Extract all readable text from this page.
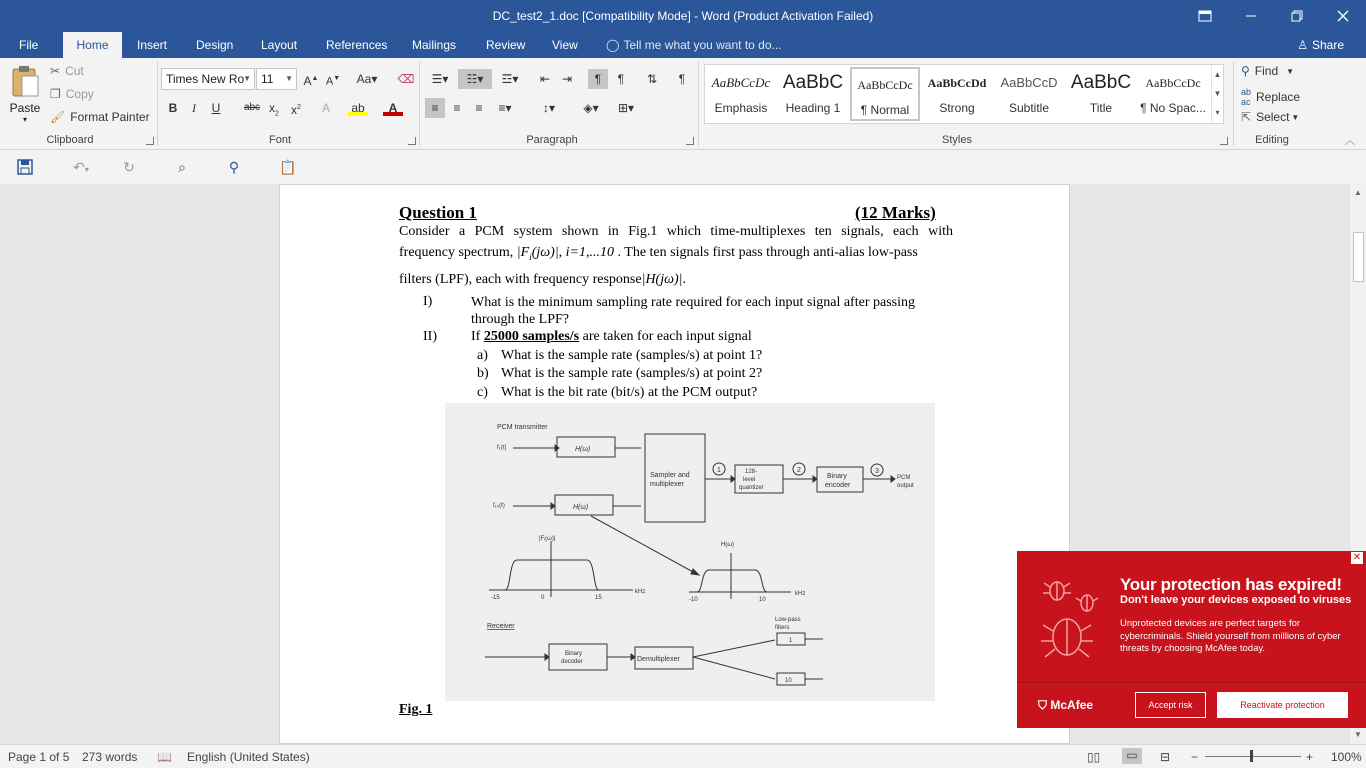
DC_test2_1.doc [Compatibility Mode] - Word (Product Activation Failed)
File	Home	Insert	Design	Layout	References	Mailings	Review	View	◯ Tell me what you want to do...	♙ Share
Paste
▾
✂ Cut
❐ Copy
🖌 Format Painter
Clipboard
Times New Ro
▼ 11 ▼ A▲ A▼ Aa▾ ⌫
B	I	U	abc $x_2$	$x^2$	A	ab	A
Font
☰▾	☷▾	☲▾	⇤ ⇥	¶	¶	⇅	¶
≡	≡	≡	≡▾	↕▾	◈▾	⊞▾
Paragraph
AaBbCcDc
Emphasis
AaBbC
Heading 1
AaBbCcDc
¶ Normal
AaBbCcDd
Strong
AaBbCcD
Subtitle
AaBbC
Title
AaBbCcDc
¶ No Spac...
▲
▼
▾
Styles
⚲ Find ▼
ab
ac Replace
⇱ Select ▼
Editing	︿
↶▾	↻	⌕	⚲	📋
Question 1	(12 Marks)
Consider a PCM system shown in Fig.1 which time-multiplexes ten signals, each with
frequency spectrum, $|F_i(j\omega)|$, i=1,...10 . The ten signals first pass through anti-alias low-pass
filters (LPF), each with frequency response|H(jω)|.
I)	What is the minimum sampling rate required for each input signal after passing
through the LPF?
II) If 25000 samples/s are taken for each input signal
a) What is the sample rate (samples/s) at point 1?
b) What is the sample rate (samples/s) at point 2?
c) What is the bit rate (bit/s) at the PCM output?
PCM transmitter
f₁(t)
f₁₀(t)
H(ω)
H(ω)
Sampler and
multiplexer
1	2	3
128-
level
quantizer
Binary
encoder
PCM
output
|Fᵢ(ω)|
H(ω)
-15	0	15
kHz
-10	10
kHz
Receiver
Binary
decoder	Demultiplexer
Low-pass
filters
1
10
Fig. 1
▲
▼
Page 1 of 5 273 words 📖 English (United States)	▯▯	▭	⊟ −	+ 100%
✕
Your protection has expired!
Don't leave your devices exposed to viruses
Unprotected devices are perfect targets for cybercriminals. Shield yourself from millions of cyber threats by choosing McAfee today.
⛉ McAfee	Accept risk	Reactivate protection
